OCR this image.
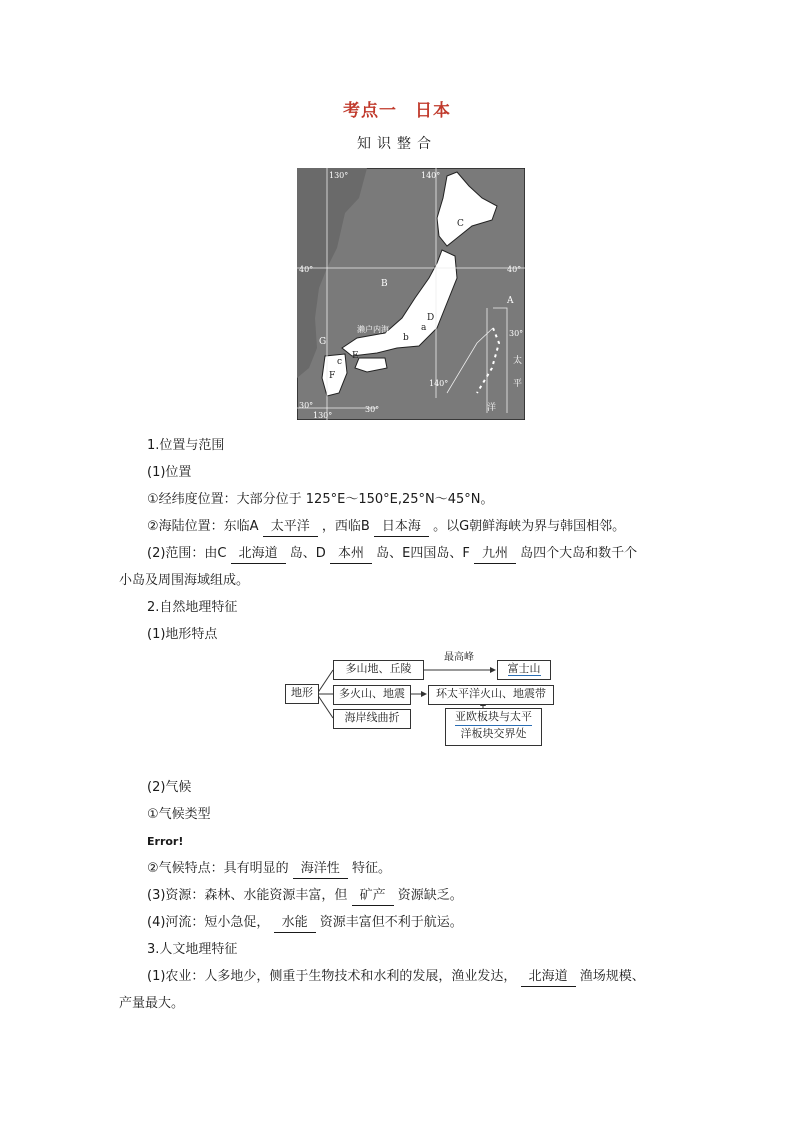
考点一　日本
知识整合
130°	140°
30°
140°
130°
40°	40°
30°
30°
A
B
C
D
E
F
G
a
b
c
濑户内海
太
平
洋
1.位置与范围
(1)位置
①经纬度位置：大部分位于 125°E～150°E,25°N～45°N。
②海陆位置：东临A 太平洋 ，西临B 日本海 。以G朝鲜海峡为界与韩国相邻。
(2)范围：由C 北海道 岛、D 本州 岛、E四国岛、F 九州 岛四个大岛和数千个
小岛及周围海域组成。
2.自然地理特征
(1)地形特点
地形
多山地、丘陵
多火山、地震
海岸线曲折
最高峰
富士山
环太平洋火山、地震带
亚欧板块与太平
洋板块交界处
(2)气候
①气候类型
Error!
②气候特点：具有明显的 海洋性 特征。
(3)资源：森林、水能资源丰富，但 矿产 资源缺乏。
(4)河流：短小急促， 水能 资源丰富但不利于航运。
3.人文地理特征
(1)农业：人多地少，侧重于生物技术和水利的发展，渔业发达， 北海道 渔场规模、
产量最大。
